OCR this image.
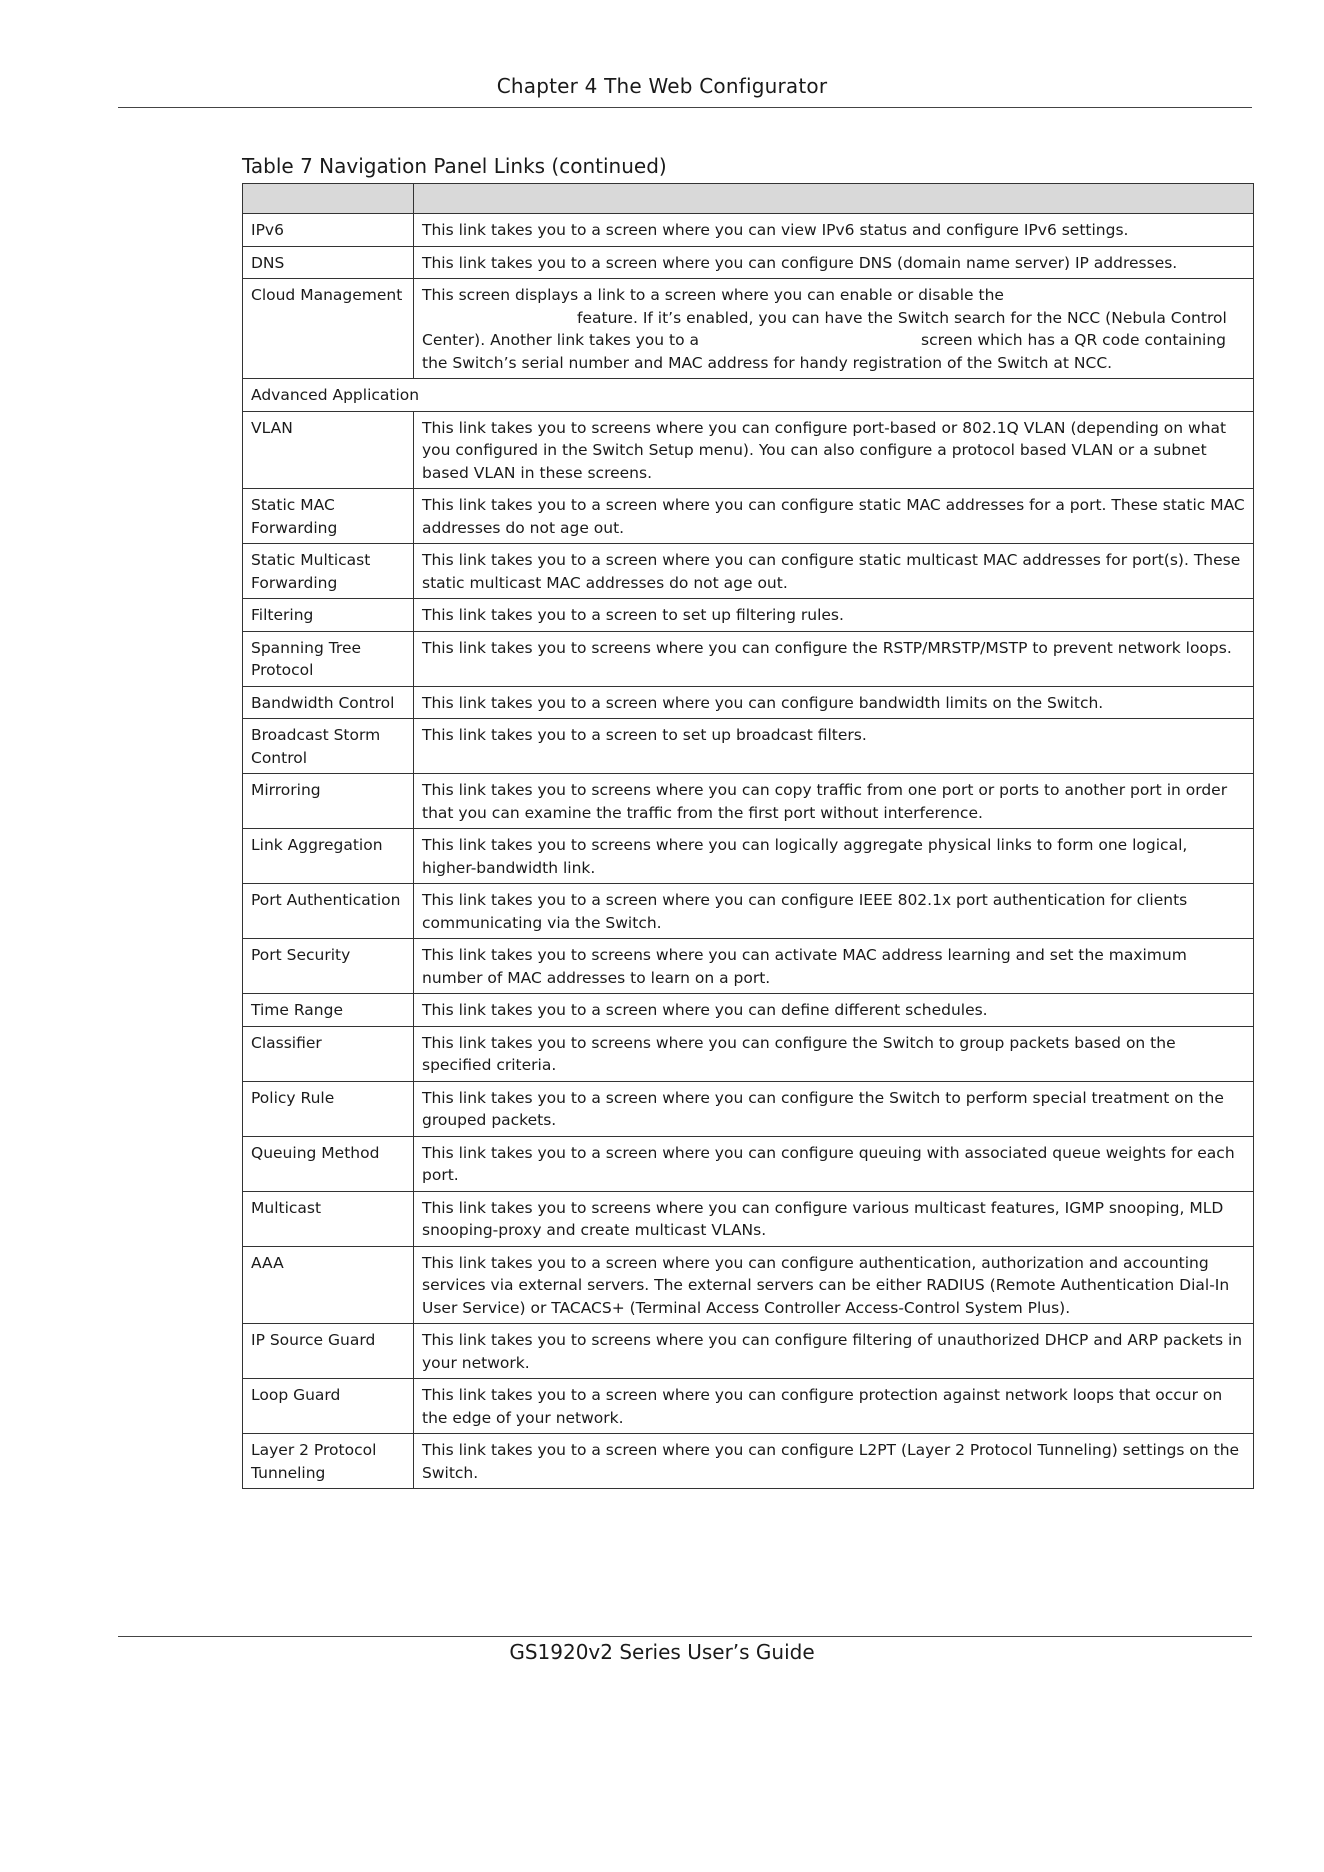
Chapter 4 The Web Configurator
Table 7 Navigation Panel Links (continued)

IPv6	This link takes you to a screen where you can view IPv6 status and configure IPv6 settings.
DNS	This link takes you to a screen where you can configure DNS (domain name server) IP addresses.
Cloud Management	This screen displays a link to a screen where you can enable or disable the
feature. If it’s enabled, you can have the Switch search for the NCC (Nebula Control Center). Another link takes you to a screen which has a QR code containing the Switch’s serial number and MAC address for handy registration of the Switch at NCC.
Advanced Application	
VLAN	This link takes you to screens where you can configure port-based or 802.1Q VLAN (depending on what you configured in the Switch Setup menu). You can also configure a protocol based VLAN or a subnet based VLAN in these screens.
Static MAC Forwarding	This link takes you to a screen where you can configure static MAC addresses for a port. These static MAC addresses do not age out.
Static Multicast Forwarding	This link takes you to a screen where you can configure static multicast MAC addresses for port(s). These static multicast MAC addresses do not age out.
Filtering	This link takes you to a screen to set up filtering rules.
Spanning Tree Protocol	This link takes you to screens where you can configure the RSTP/MRSTP/MSTP to prevent network loops.
Bandwidth Control	This link takes you to a screen where you can configure bandwidth limits on the Switch.
Broadcast Storm Control	This link takes you to a screen to set up broadcast filters.
Mirroring	This link takes you to screens where you can copy traffic from one port or ports to another port in order that you can examine the traffic from the first port without interference.
Link Aggregation	This link takes you to screens where you can logically aggregate physical links to form one logical, higher-bandwidth link.
Port Authentication	This link takes you to a screen where you can configure IEEE 802.1x port authentication for clients communicating via the Switch.
Port Security	This link takes you to screens where you can activate MAC address learning and set the maximum number of MAC addresses to learn on a port.
Time Range	This link takes you to a screen where you can define different schedules.
Classifier	This link takes you to screens where you can configure the Switch to group packets based on the specified criteria.
Policy Rule	This link takes you to a screen where you can configure the Switch to perform special treatment on the grouped packets.
Queuing Method	This link takes you to a screen where you can configure queuing with associated queue weights for each port.
Multicast	This link takes you to screens where you can configure various multicast features, IGMP snooping, MLD snooping-proxy and create multicast VLANs.
AAA	This link takes you to a screen where you can configure authentication, authorization and accounting services via external servers. The external servers can be either RADIUS (Remote Authentication Dial-In User Service) or TACACS+ (Terminal Access Controller Access-Control System Plus).
IP Source Guard	This link takes you to screens where you can configure filtering of unauthorized DHCP and ARP packets in your network.
Loop Guard	This link takes you to a screen where you can configure protection against network loops that occur on the edge of your network.
Layer 2 Protocol Tunneling	This link takes you to a screen where you can configure L2PT (Layer 2 Protocol Tunneling) settings on the Switch.
GS1920v2 Series User’s Guide
